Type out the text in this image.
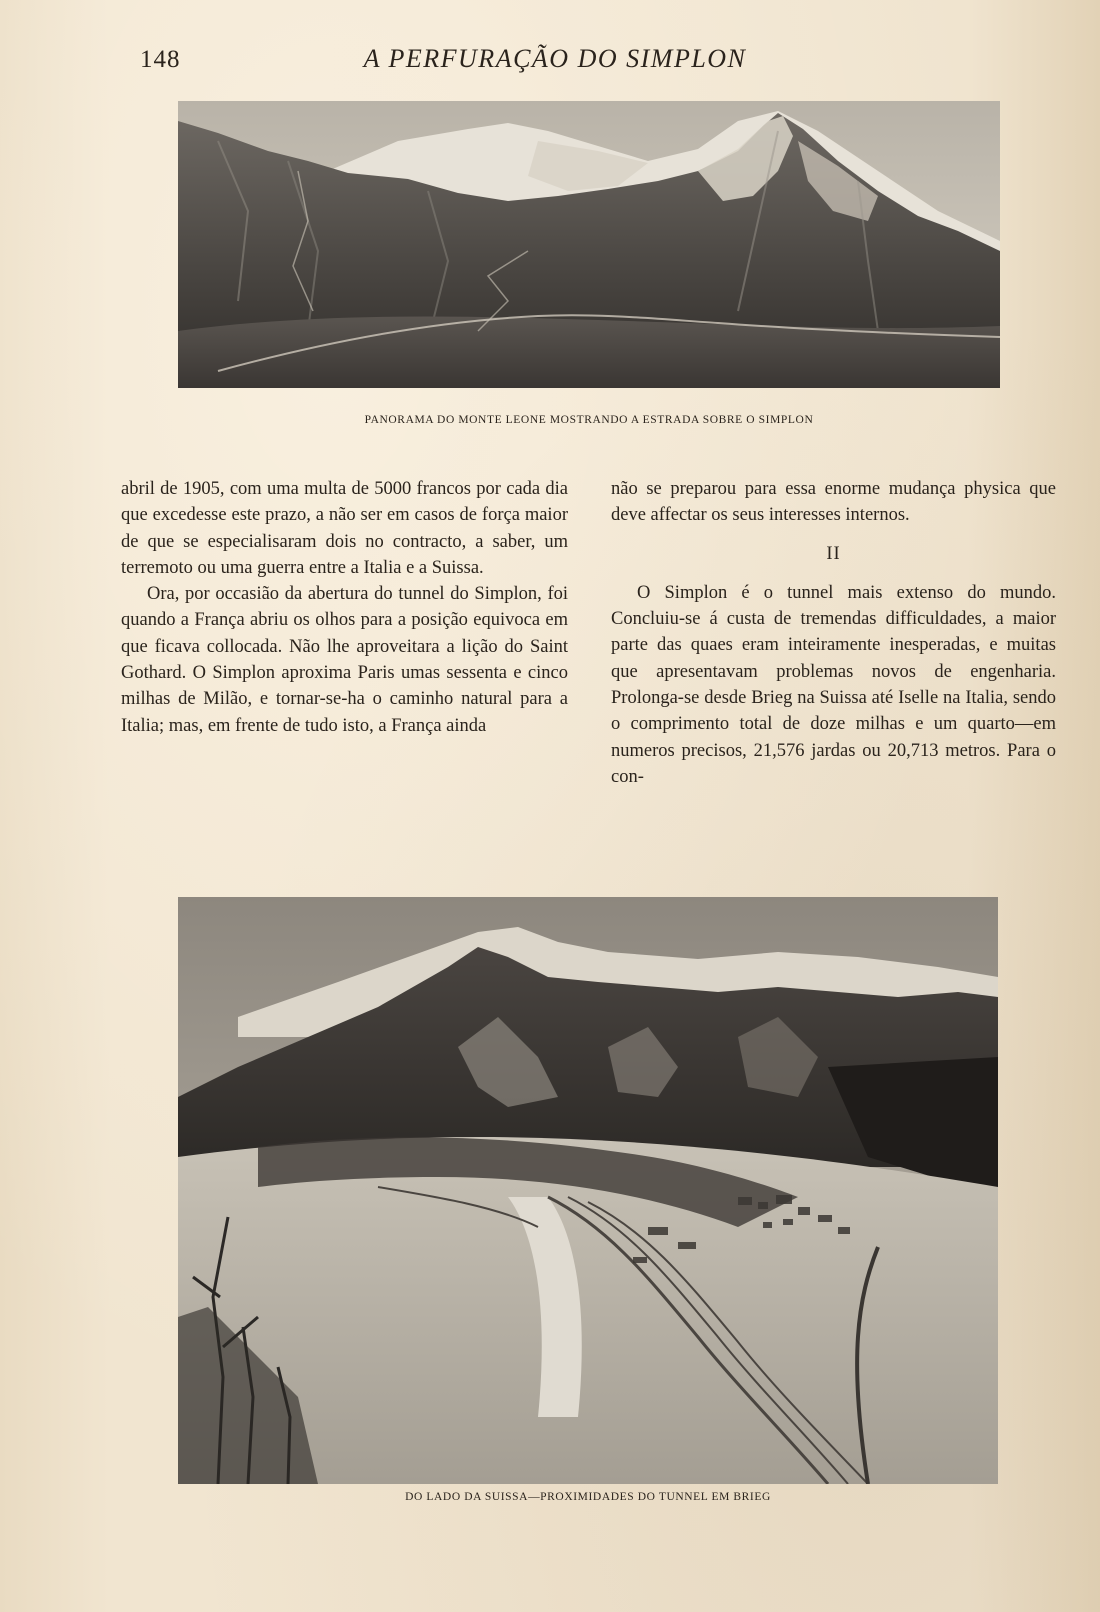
148	A PERFURAÇÃO DO SIMPLON
PANORAMA DO MONTE LEONE MOSTRANDO A ESTRADA SOBRE O SIMPLON

abril de 1905, com uma multa de 5000 francos por cada dia que excedesse este prazo, a não ser em casos de força maior de que se especialisaram dois no contracto, a saber, um terremoto ou uma guerra entre a Italia e a Suissa.

Ora, por occasião da abertura do tunnel do Simplon, foi quando a França abriu os olhos para a posição equivoca em que ficava collocada. Não lhe aproveitara a lição do Saint Gothard. O Simplon aproxima Paris umas sessenta e cinco milhas de Milão, e tornar-se-ha o caminho natural para a Italia; mas, em frente de tudo isto, a França ainda

não se preparou para essa enorme mudança physica que deve affectar os seus interesses internos.

II

O Simplon é o tunnel mais extenso do mundo. Concluiu-se á custa de tremendas difficuldades, a maior parte das quaes eram inteiramente inesperadas, e muitas que apresentavam problemas novos de engenharia. Prolonga-se desde Brieg na Suissa até Iselle na Italia, sendo o comprimento total de doze milhas e um quarto—em numeros precisos, 21,576 jardas ou 20,713 metros. Para o con-

DO LADO DA SUISSA—PROXIMIDADES DO TUNNEL EM BRIEG
